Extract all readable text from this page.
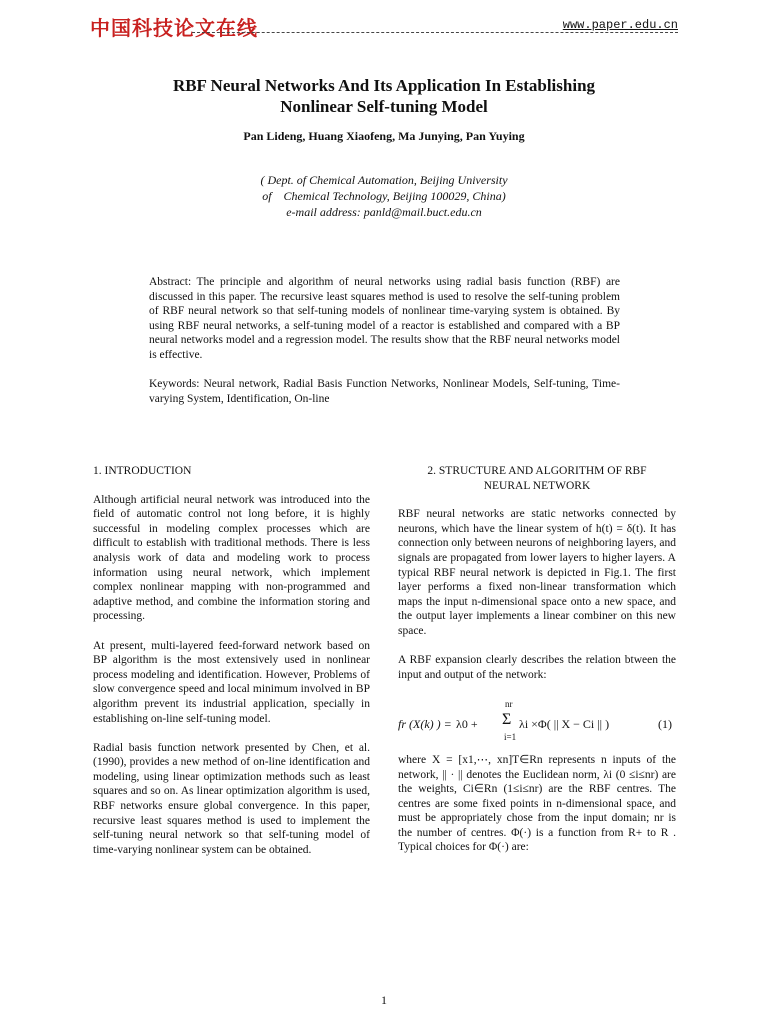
中国科技论文在线	www.paper.edu.cn
RBF Neural Networks And Its Application In Establishing
Nonlinear Self-tuning Model
Pan Lideng, Huang Xiaofeng, Ma Junying, Pan Yuying
( Dept. of Chemical Automation, Beijing University
of    Chemical Technology, Beijing 100029, China)
e-mail address: panld@mail.buct.edu.cn
Abstract: The principle and algorithm of neural networks using radial basis function (RBF) are discussed in this paper. The recursive least squares method is used to resolve the self-tuning problem of RBF neural network so that self-tuning models of nonlinear time-varying system is obtained. By using RBF neural networks, a self-tuning model of a reactor is established and compared with a BP neural networks model and a regression model. The results show that the RBF neural networks model is effective.
Keywords: Neural network, Radial Basis Function Networks, Nonlinear Models, Self-tuning, Time-varying System, Identification, On-line
1. INTRODUCTION

Although artificial neural network was introduced into the field of automatic control not long before, it is highly successful in modeling complex processes which are difficult to establish with traditional methods. There is less analysis work of data and modeling work to process information using neural network, which implement complex nonlinear mapping with non-programmed and adaptive method, and combine the information storing and processing.

At present, multi-layered feed-forward network based on BP algorithm is the most extensively used in nonlinear process modeling and identification. However, Problems of slow convergence speed and local minimum involved in BP algorithm prevent its industrial application, specially in establishing on-line self-tuning model.

Radial basis function network presented by Chen, et al. (1990), provides a new method of on-line identification and modeling, using linear optimization methods such as least squares and so on. As linear optimization algorithm is used, RBF networks ensure global convergence. In this paper, recursive least squares method is used to implement the self-tuning neural network so that self-tuning model of time-varying nonlinear system can be obtained.

2. STRUCTURE AND ALGORITHM OF RBF
NEURAL NETWORK

RBF neural networks are static networks connected by neurons, which have the linear system of h(t) = δ(t). It has connection only between neurons of neighboring layers, and signals are propagated from lower layers to higher layers. A typical RBF neural network is depicted in Fig.1. The first layer performs a fixed non-linear transformation which maps the input n-dimensional space onto a new space, and the output layer implements a linear combiner on this new space.

A RBF expansion clearly describes the relation btween the input and output of the network:

fr (X(k) ) = λ0 +
nr
Σ
i=1
λi ×Φ( || X − Ci || )	(1)

where X = [x1,⋯, xn]T∈Rn represents n inputs of the network, || · || denotes the Euclidean norm, λi (0 ≤i≤nr) are the weights, Ci∈Rn (1≤i≤nr) are the RBF centres. The centres are some fixed points in n-dimensional space, and must be appropriately chose from the input domain; nr is the number of centres. Φ(·) is a function from R+ to R . Typical choices for Φ(·) are:

1
